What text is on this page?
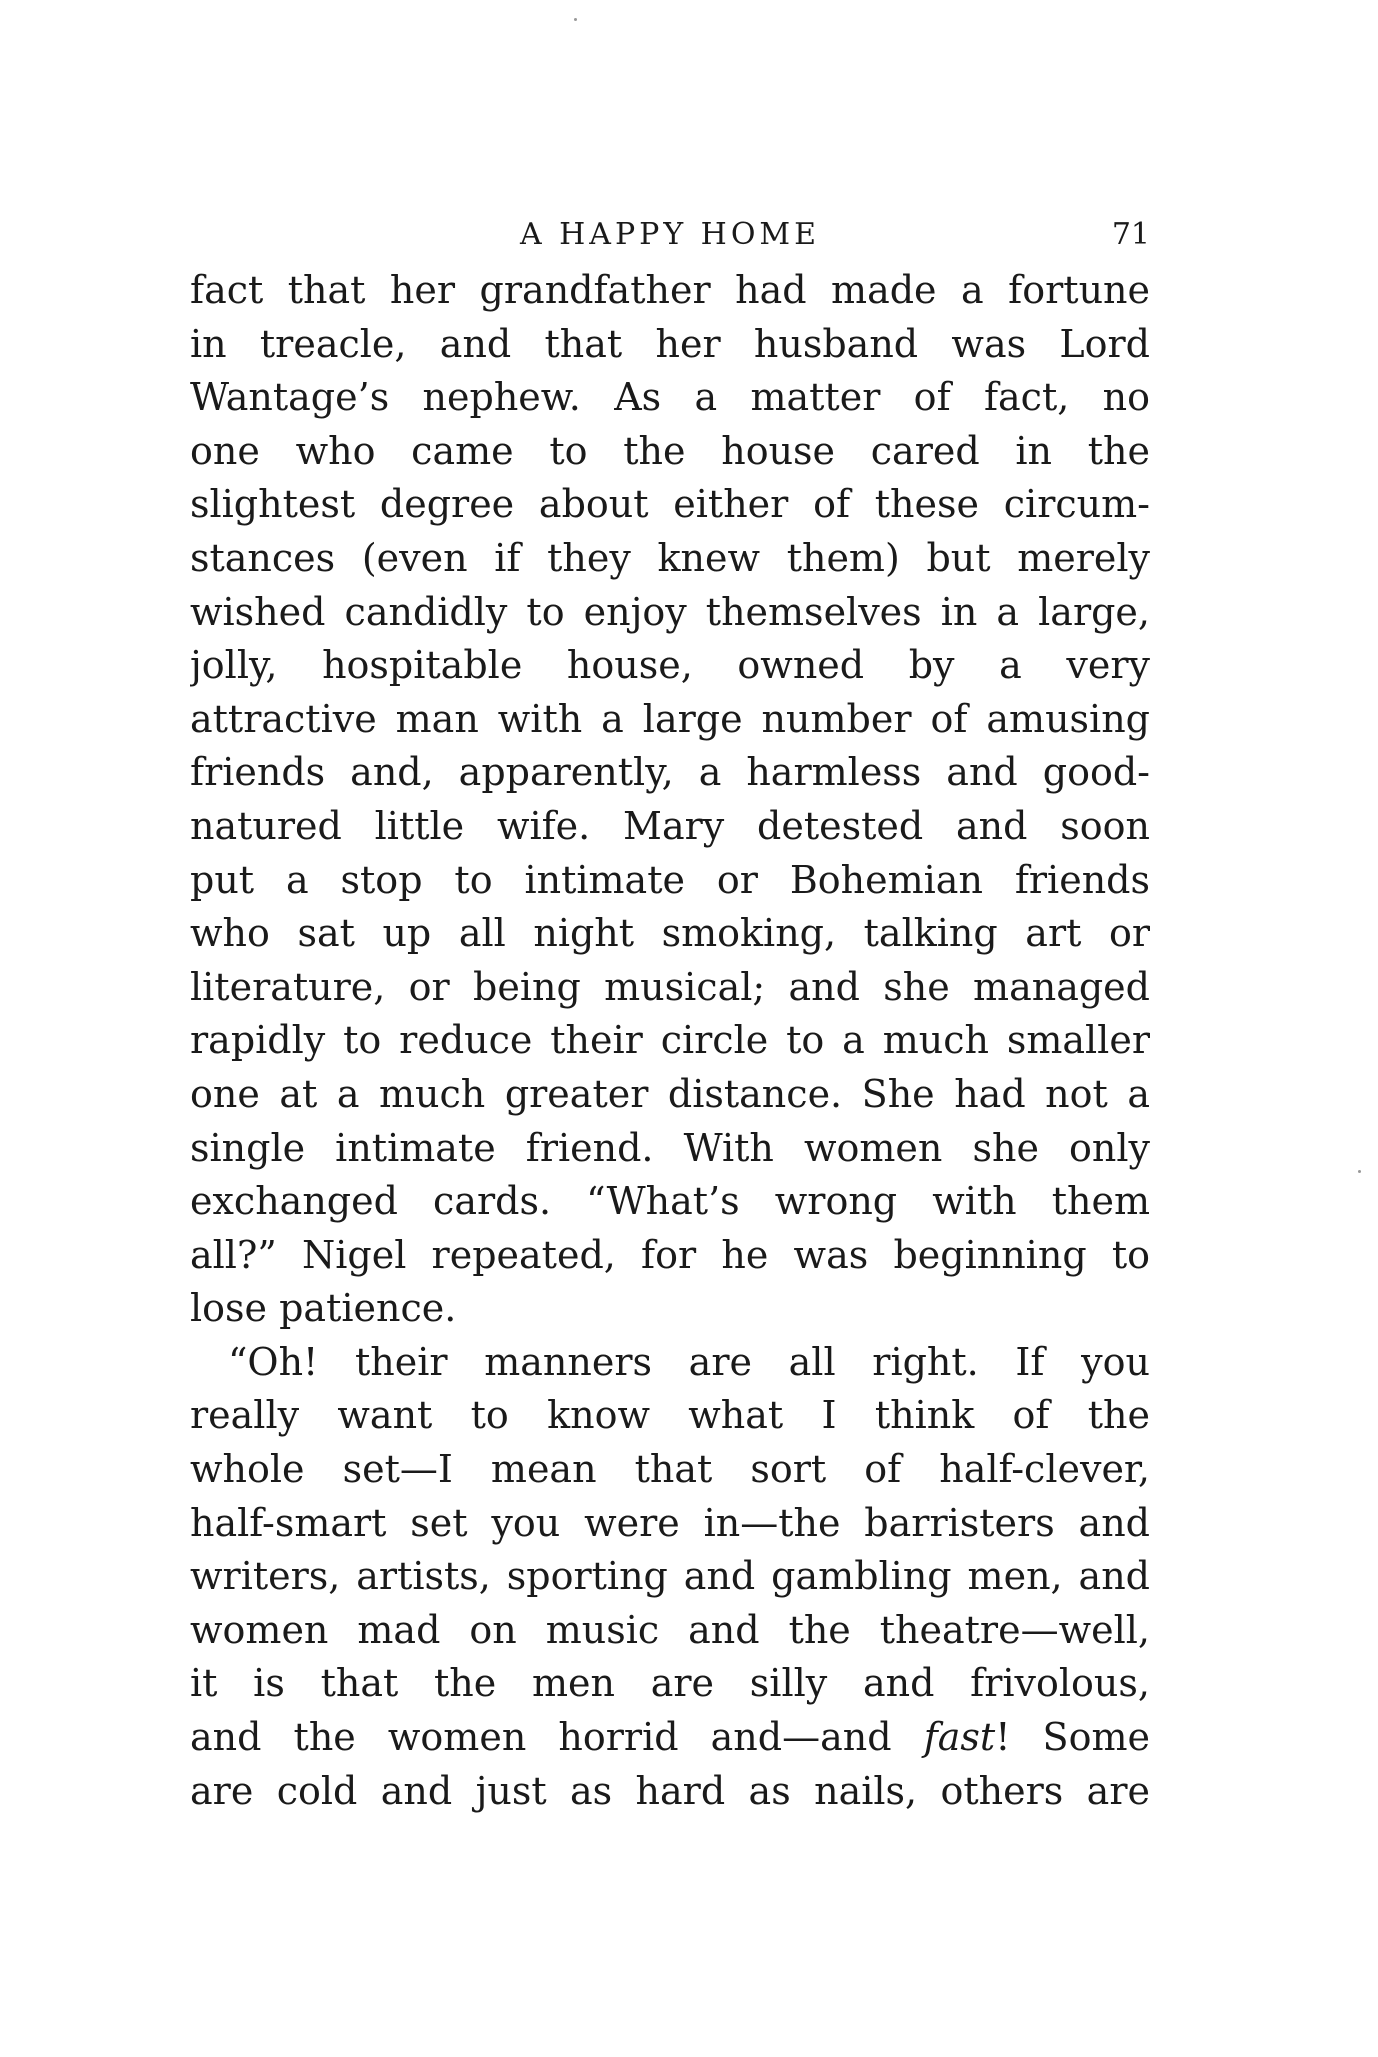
A HAPPY HOME	71
fact that her grandfather had made a fortune
in treacle, and that her husband was Lord
Wantage’s nephew. As a matter of fact, no
one who came to the house cared in the
slightest degree about either of these circum-
stances (even if they knew them) but merely
wished candidly to enjoy themselves in a large,
jolly, hospitable house, owned by a very
attractive man with a large number of amusing
friends and, apparently, a harmless and good-
natured little wife. Mary detested and soon
put a stop to intimate or Bohemian friends
who sat up all night smoking, talking art or
literature, or being musical; and she managed
rapidly to reduce their circle to a much smaller
one at a much greater distance. She had not a
single intimate friend. With women she only
exchanged cards. “What’s wrong with them
all?” Nigel repeated, for he was beginning to
lose patience.
“Oh! their manners are all right. If you
really want to know what I think of the
whole set—I mean that sort of half-clever,
half-smart set you were in—the barristers and
writers, artists, sporting and gambling men, and
women mad on music and the theatre—well,
it is that the men are silly and frivolous,
and the women horrid and—and fast! Some
are cold and just as hard as nails, others are
